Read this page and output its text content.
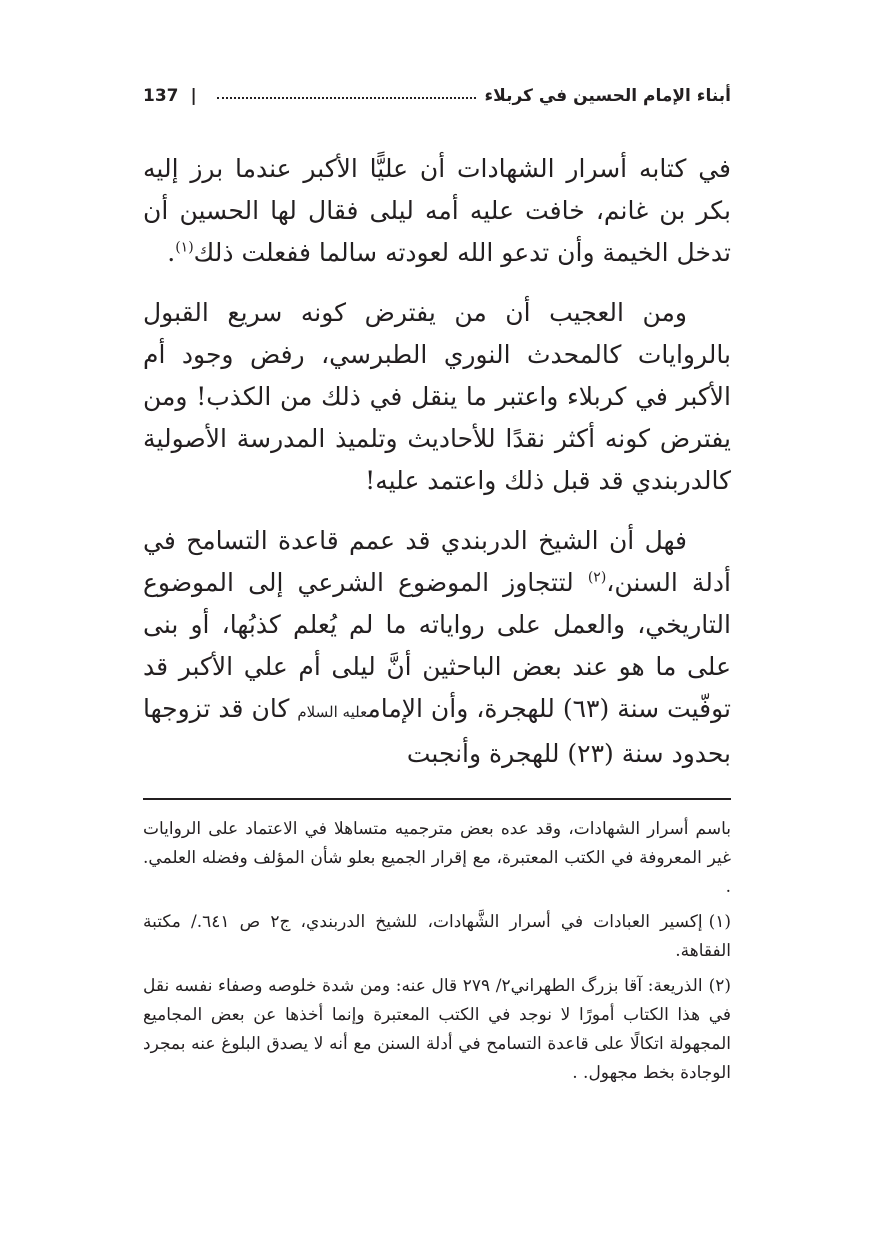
أبناء الإمام الحسين في كربلاء
|
137

في كتابه أسرار الشهادات أن عليًّا الأكبر عندما برز إليه بكر بن غانم، خافت عليه أمه ليلى فقال لها الحسين أن تدخل الخيمة وأن تدعو الله لعودته سالما ففعلت ذلك$^{(١)}$.

ومن العجيب أن من يفترض كونه سريع القبول بالروايات كالمحدث النوري الطبرسي، رفض وجود أم الأكبر في كربلاء واعتبر ما ينقل في ذلك من الكذب! ومن يفترض كونه أكثر نقدًا للأحاديث وتلميذ المدرسة الأصولية كالدربندي قد قبل ذلك واعتمد عليه!

فهل أن الشيخ الدربندي قد عمم قاعدة التسامح في أدلة السنن،$^{(٢)}$ لتتجاوز الموضوع الشرعي إلى الموضوع التاريخي، والعمل على رواياته ما لم يُعلم كذبُها، أو بنى على ما هو عند بعض الباحثين أنَّ ليلى أم علي الأكبر قد توفّيت سنة (٦٣) للهجرة، وأن الإمامعليه السلام كان قد تزوجها بحدود سنة (٢٣) للهجرة وأنجبت

باسم أسرار الشهادات، وقد عده بعض مترجميه متساهلا في الاعتماد على الروايات غير المعروفة في الكتب المعتبرة، مع إقرار الجميع بعلو شأن المؤلف وفضله العلمي. .

(١)إكسير العبادات في أسرار الشَّهادات، للشيخ الدربندي، ج٢ ص ٦٤١./ مكتبة الفقاهة.

(٢)الذريعة: آقا بزرگ الطهراني٢/ ٢٧٩ قال عنه: ومن شدة خلوصه وصفاء نفسه نقل في هذا الكتاب أمورًا لا نوجد في الكتب المعتبرة وإنما أخذها عن بعض المجاميع المجهولة اتكالًا على قاعدة التسامح في أدلة السنن مع أنه لا يصدق البلوغ عنه بمجرد الوجادة بخط مجهول. .
